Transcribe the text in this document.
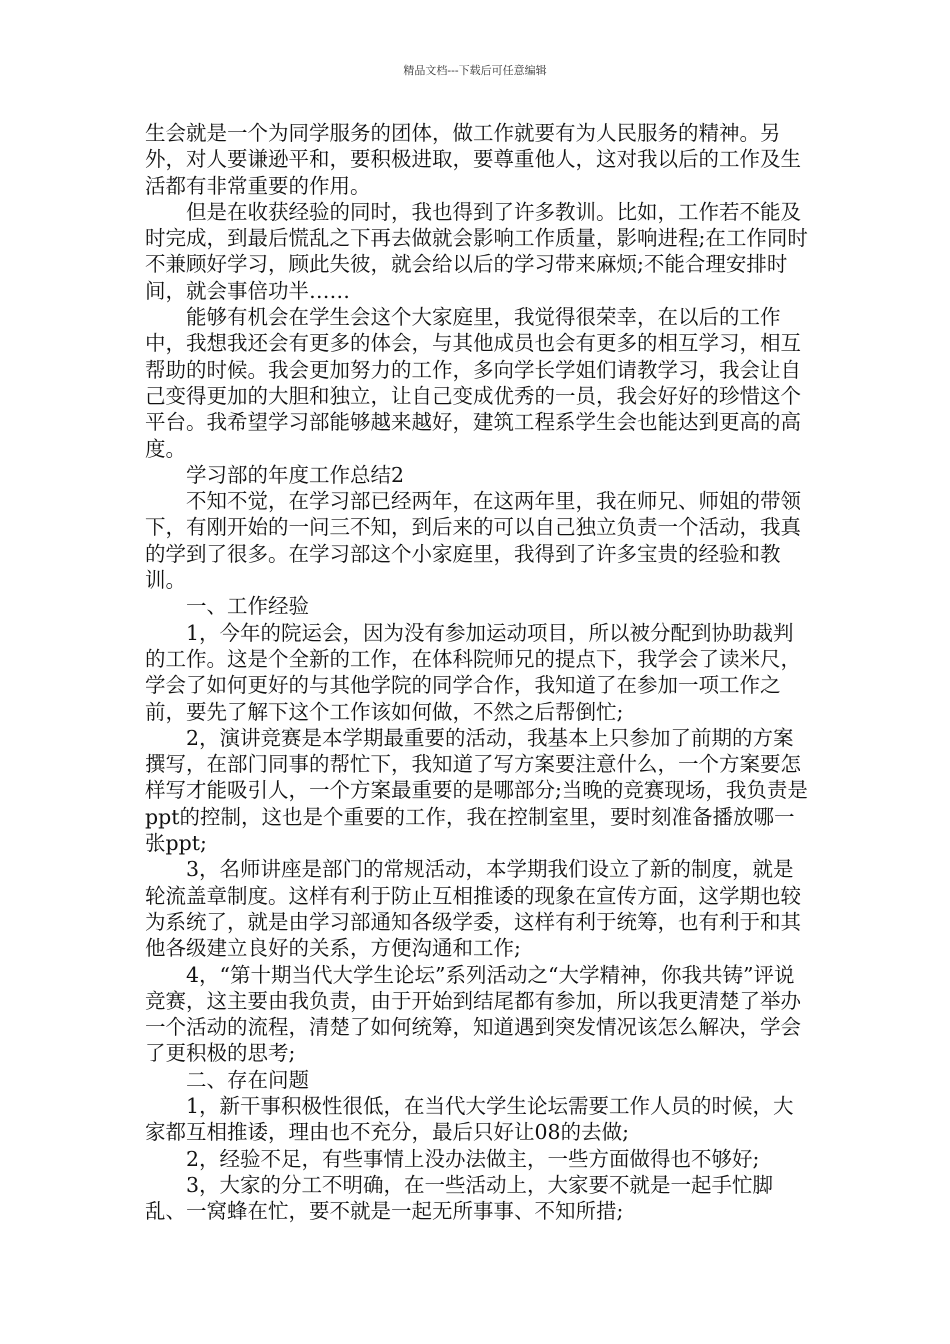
精品文档---下载后可任意编辑

生会就是一个为同学服务的团体，做工作就要有为人民服务的精神。另外，对人要谦逊平和，要积极进取，要尊重他人，这对我以后的工作及生活都有非常重要的作用。

但是在收获经验的同时，我也得到了许多教训。比如，工作若不能及时完成，到最后慌乱之下再去做就会影响工作质量，影响进程;在工作同时不兼顾好学习，顾此失彼，就会给以后的学习带来麻烦;不能合理安排时间，就会事倍功半……

能够有机会在学生会这个大家庭里，我觉得很荣幸，在以后的工作中，我想我还会有更多的体会，与其他成员也会有更多的相互学习，相互帮助的时候。我会更加努力的工作，多向学长学姐们请教学习，我会让自己变得更加的大胆和独立，让自己变成优秀的一员，我会好好的珍惜这个平台。我希望学习部能够越来越好，建筑工程系学生会也能达到更高的高度。

学习部的年度工作总结2

不知不觉，在学习部已经两年，在这两年里，我在师兄、师姐的带领下，有刚开始的一问三不知，到后来的可以自己独立负责一个活动，我真的学到了很多。在学习部这个小家庭里，我得到了许多宝贵的经验和教训。

一、工作经验

1，今年的院运会，因为没有参加运动项目，所以被分配到协助裁判的工作。这是个全新的工作，在体科院师兄的提点下，我学会了读米尺，学会了如何更好的与其他学院的同学合作，我知道了在参加一项工作之前，要先了解下这个工作该如何做，不然之后帮倒忙;

2，演讲竞赛是本学期最重要的活动，我基本上只参加了前期的方案撰写，在部门同事的帮忙下，我知道了写方案要注意什么，一个方案要怎样写才能吸引人，一个方案最重要的是哪部分;当晚的竞赛现场，我负责是ppt的控制，这也是个重要的工作，我在控制室里，要时刻准备播放哪一张ppt;

3，名师讲座是部门的常规活动，本学期我们设立了新的制度，就是轮流盖章制度。这样有利于防止互相推诿的现象在宣传方面，这学期也较为系统了，就是由学习部通知各级学委，这样有利于统筹，也有利于和其他各级建立良好的关系，方便沟通和工作;

4，“第十期当代大学生论坛”系列活动之“大学精神，你我共铸”评说竞赛，这主要由我负责，由于开始到结尾都有参加，所以我更清楚了举办一个活动的流程，清楚了如何统筹，知道遇到突发情况该怎么解决，学会了更积极的思考;

二、存在问题

1，新干事积极性很低，在当代大学生论坛需要工作人员的时候，大家都互相推诿，理由也不充分，最后只好让08的去做;

2，经验不足，有些事情上没办法做主，一些方面做得也不够好;

3，大家的分工不明确，在一些活动上，大家要不就是一起手忙脚乱、一窝蜂在忙，要不就是一起无所事事、不知所措;
